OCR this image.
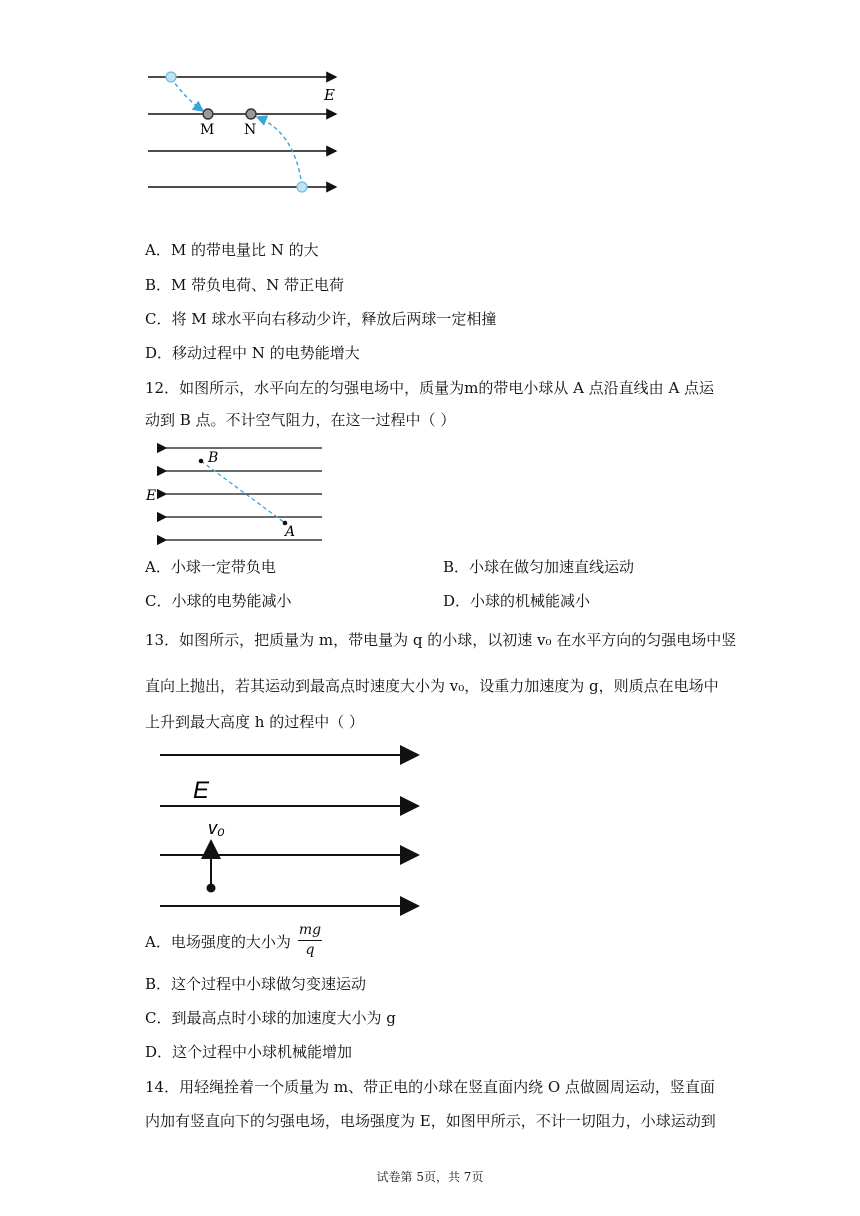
E
M N
A．M 的带电量比 N 的大
B．M 带负电荷、N 带正电荷
C．将 M 球水平向右移动少许，释放后两球一定相撞
D．移动过程中 N 的电势能增大
12．如图所示，水平向左的匀强电场中，质量为m的带电小球从 A 点沿直线由 A 点运
动到 B 点。不计空气阻力，在这一过程中（ ）
B
A
E
A．小球一定带负电	B．小球在做匀加速直线运动
C．小球的电势能减小	D．小球的机械能减小
13．如图所示，把质量为 m，带电量为 q 的小球，以初速 v₀ 在水平方向的匀强电场中竖
直向上抛出，若其运动到最高点时速度大小为 v₀，设重力加速度为 g，则质点在电场中
上升到最大高度 h 的过程中（ ）
E
v₀
A．电场强度的大小为
mg
q
B．这个过程中小球做匀变速运动
C．到最高点时小球的加速度大小为 g
D．这个过程中小球机械能增加
14．用轻绳拴着一个质量为 m、带正电的小球在竖直面内绕 O 点做圆周运动，竖直面
内加有竖直向下的匀强电场，电场强度为 E，如图甲所示，不计一切阻力，小球运动到
试卷第 5页，共 7页
